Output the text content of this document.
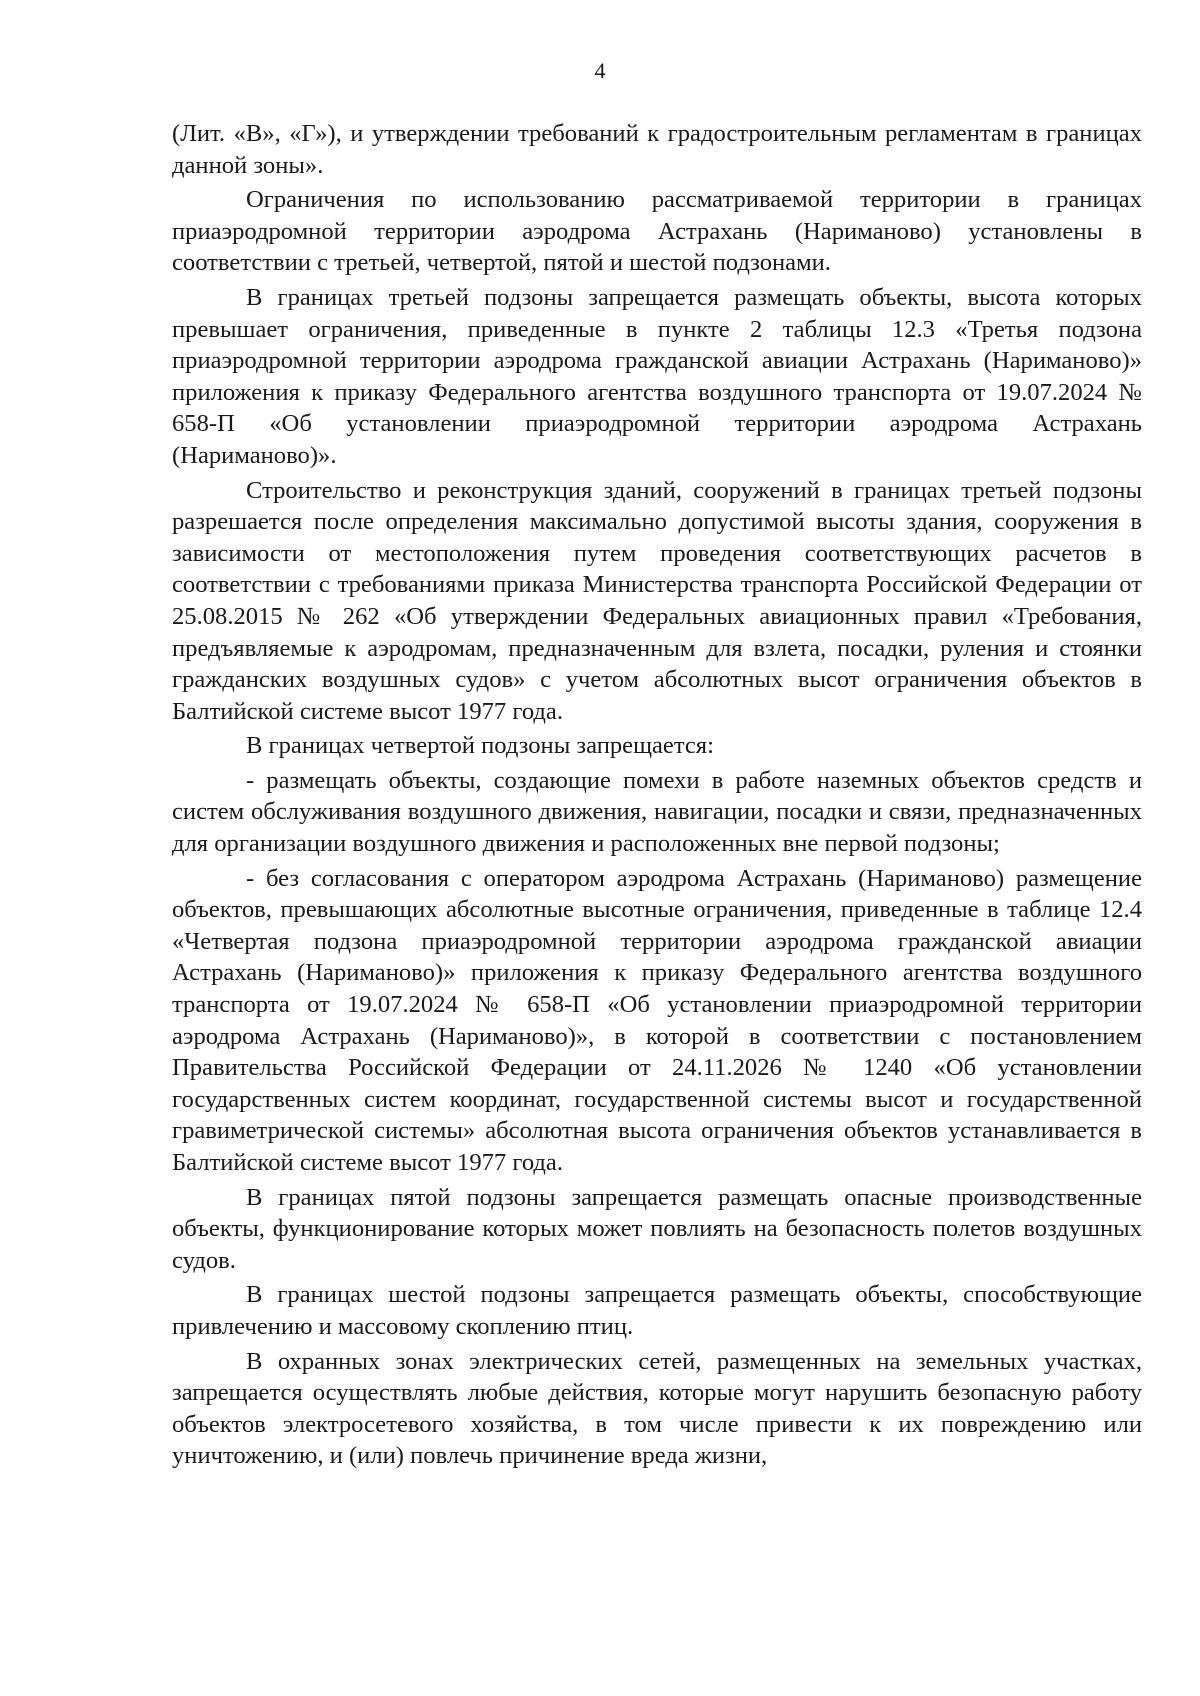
4

(Лит. «В», «Г»), и утверждении требований к градостроительным регламентам в границах данной зоны».

Ограничения по использованию рассматриваемой территории в границах приаэродромной территории аэродрома Астрахань (Нариманово) установлены в соответствии с третьей, четвертой, пятой и шестой подзонами.

В границах третьей подзоны запрещается размещать объекты, высота которых превышает ограничения, приведенные в пункте 2 таблицы 12.3 «Третья подзона приаэродромной территории аэродрома гражданской авиации Астрахань (Нариманово)» приложения к приказу Федерального агентства воздушного транспорта от 19.07.2024 № 658-П «Об установлении приаэродромной территории аэродрома Астрахань (Нариманово)».

Строительство и реконструкция зданий, сооружений в границах третьей подзоны разрешается после определения максимально допустимой высоты здания, сооружения в зависимости от местоположения путем проведения соответствующих расчетов в соответствии с требованиями приказа Министерства транспорта Российской Федерации от 25.08.2015 № 262 «Об утверждении Федеральных авиационных правил «Требования, предъявляемые к аэродромам, предназначенным для взлета, посадки, руления и стоянки гражданских воздушных судов» с учетом абсолютных высот ограничения объектов в Балтийской системе высот 1977 года.

В границах четвертой подзоны запрещается:

- размещать объекты, создающие помехи в работе наземных объектов средств и систем обслуживания воздушного движения, навигации, посадки и связи, предназначенных для организации воздушного движения и расположенных вне первой подзоны;

- без согласования с оператором аэродрома Астрахань (Нариманово) размещение объектов, превышающих абсолютные высотные ограничения, приведенные в таблице 12.4 «Четвертая подзона приаэродромной территории аэродрома гражданской авиации Астрахань (Нариманово)» приложения к приказу Федерального агентства воздушного транспорта от 19.07.2024 № 658-П «Об установлении приаэродромной территории аэродрома Астрахань (Нариманово)», в которой в соответствии с постановлением Правительства Российской Федерации от 24.11.2026 № 1240 «Об установлении государственных систем координат, государственной системы высот и государственной гравиметрической системы» абсолютная высота ограничения объектов устанавливается в Балтийской системе высот 1977 года.

В границах пятой подзоны запрещается размещать опасные производственные объекты, функционирование которых может повлиять на безопасность полетов воздушных судов.

В границах шестой подзоны запрещается размещать объекты, способствующие привлечению и массовому скоплению птиц.

В охранных зонах электрических сетей, размещенных на земельных участках, запрещается осуществлять любые действия, которые могут нарушить безопасную работу объектов электросетевого хозяйства, в том числе привести к их повреждению или уничтожению, и (или) повлечь причинение вреда жизни,
